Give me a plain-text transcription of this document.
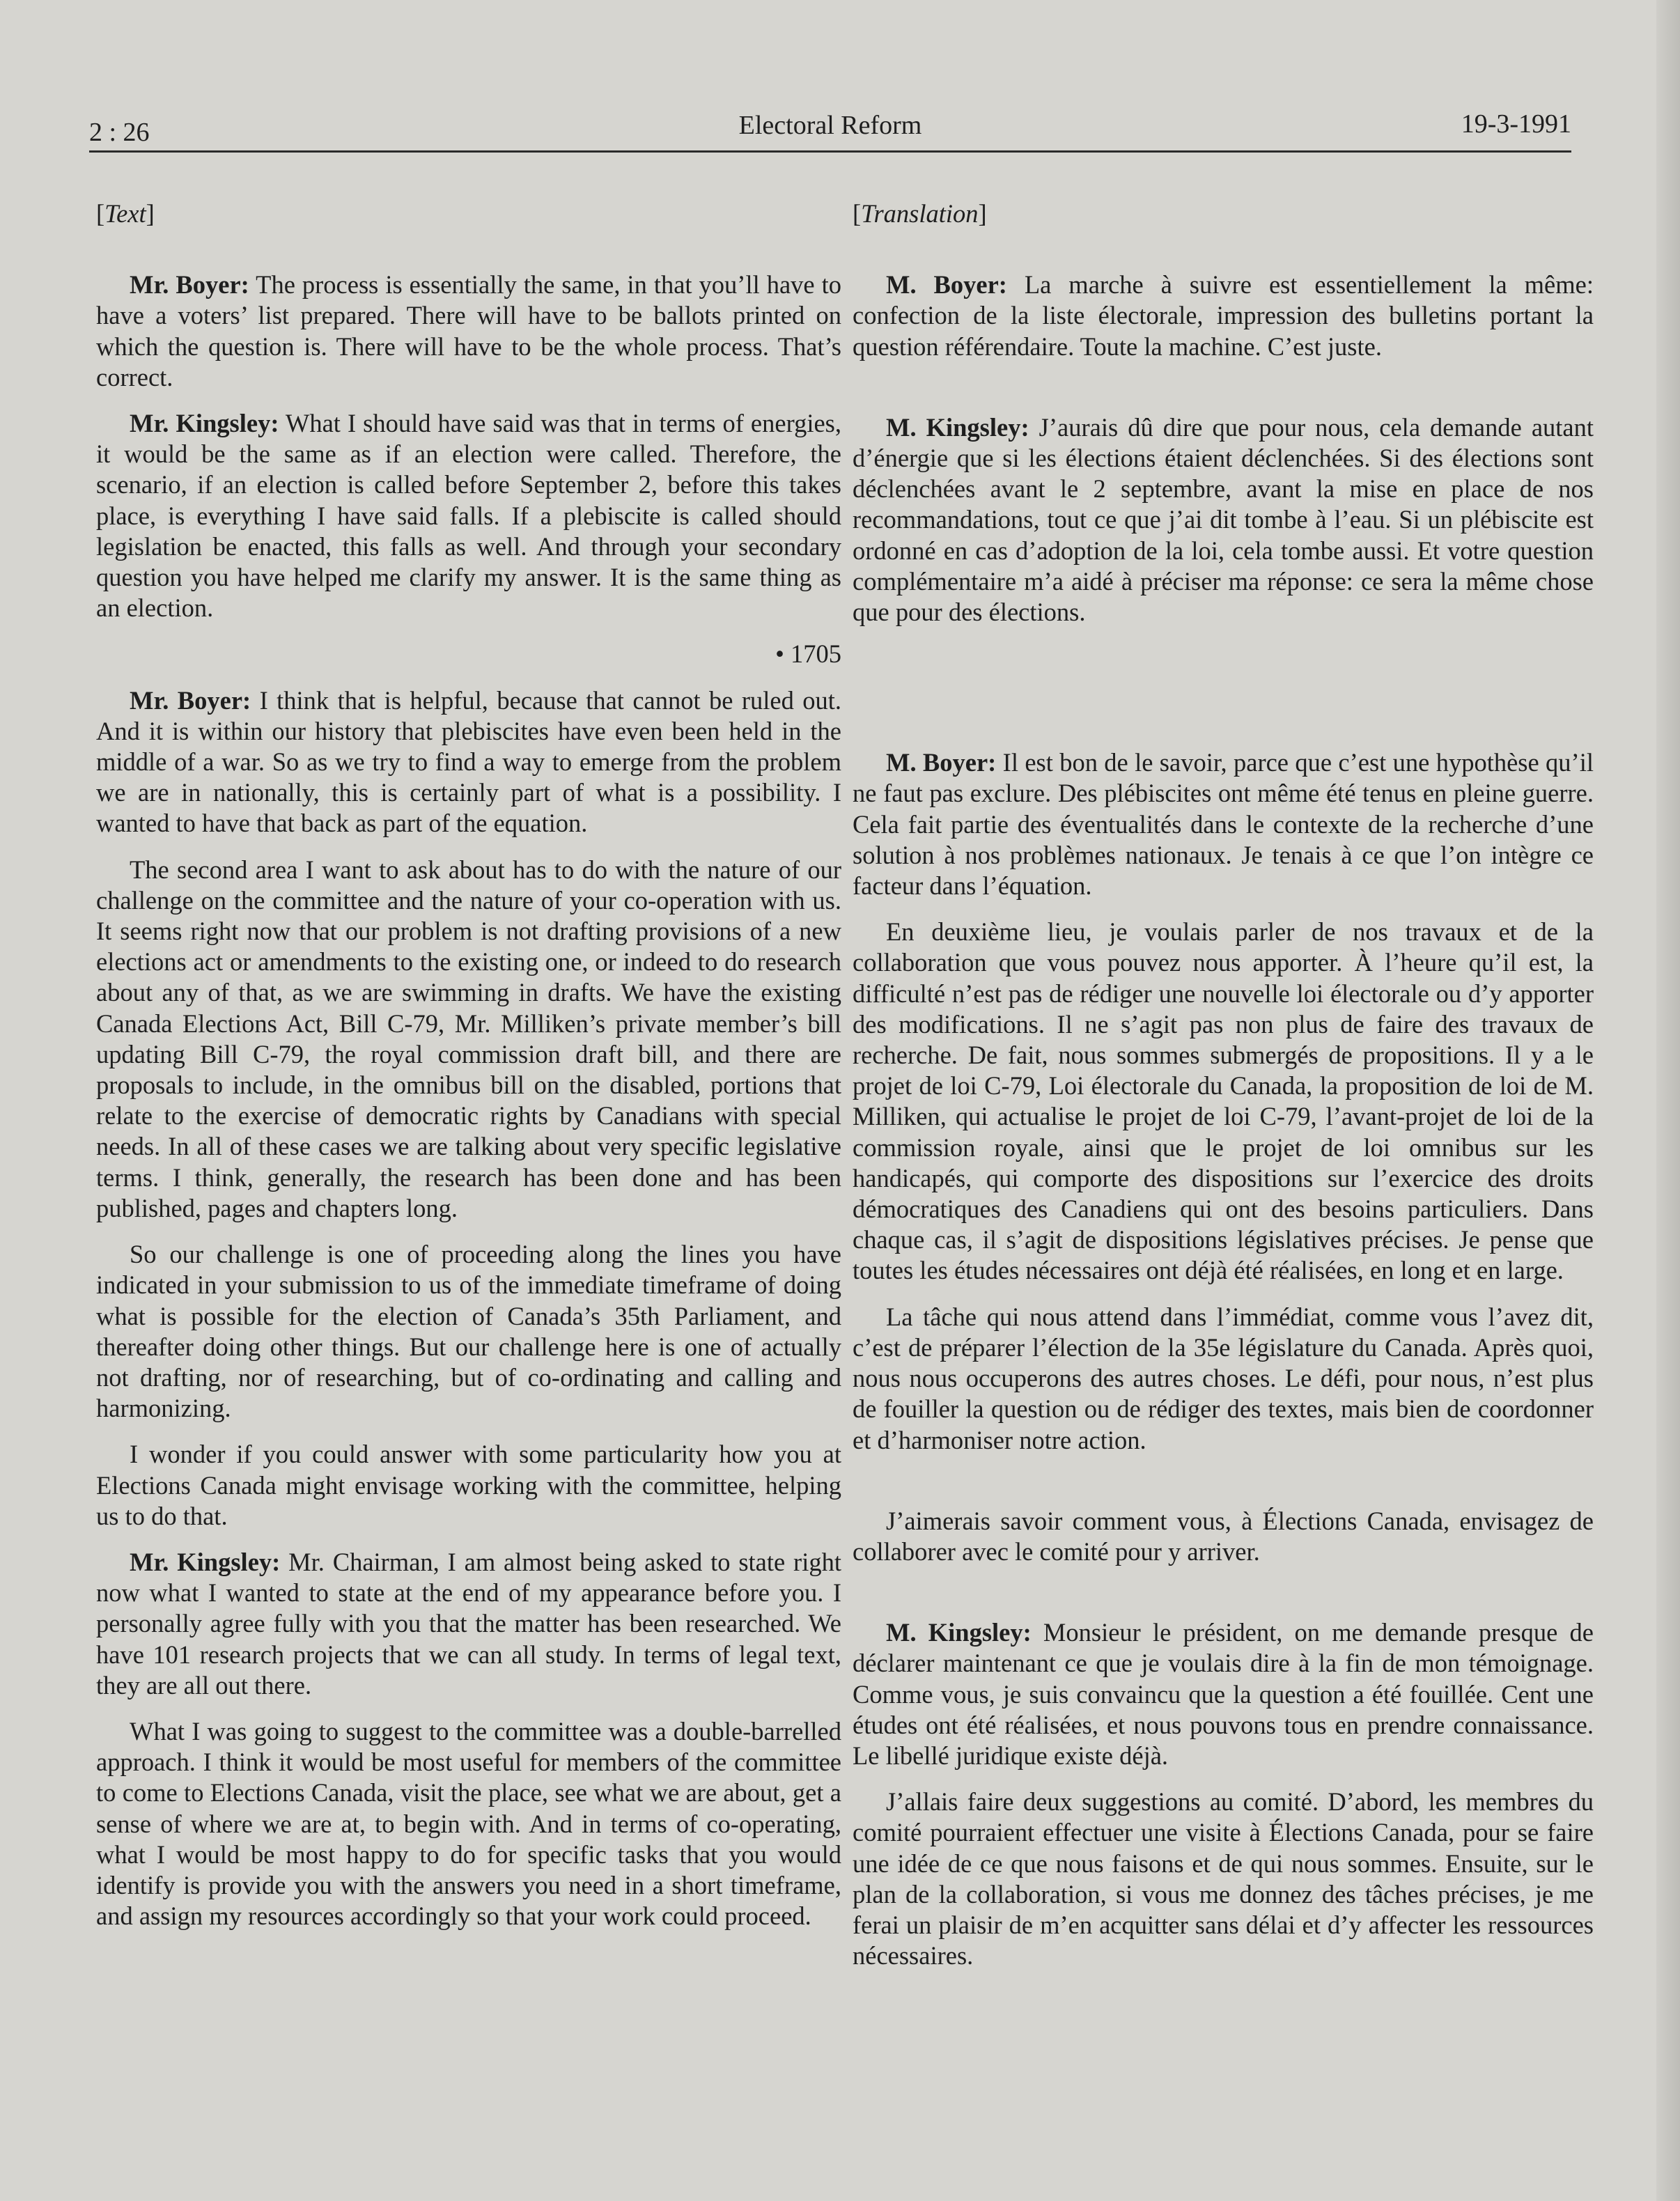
2 : 26	Electoral Reform	19-3-1991

[Text]

Mr. Boyer: The process is essentially the same, in that you’ll have to have a voters’ list prepared. There will have to be ballots printed on which the question is. There will have to be the whole process. That’s correct.

Mr. Kingsley: What I should have said was that in terms of energies, it would be the same as if an election were called. Therefore, the scenario, if an election is called before September 2, before this takes place, is everything I have said falls. If a plebiscite is called should legislation be enacted, this falls as well. And through your secondary question you have helped me clarify my answer. It is the same thing as an election.

• 1705

Mr. Boyer: I think that is helpful, because that cannot be ruled out. And it is within our history that plebiscites have even been held in the middle of a war. So as we try to find a way to emerge from the problem we are in nationally, this is certainly part of what is a possibility. I wanted to have that back as part of the equation.

The second area I want to ask about has to do with the nature of our challenge on the committee and the nature of your co-operation with us. It seems right now that our problem is not drafting provisions of a new elections act or amendments to the existing one, or indeed to do research about any of that, as we are swimming in drafts. We have the existing Canada Elections Act, Bill C-79, Mr. Milliken’s private member’s bill updating Bill C-79, the royal commission draft bill, and there are proposals to include, in the omnibus bill on the disabled, portions that relate to the exercise of democratic rights by Canadians with special needs. In all of these cases we are talking about very specific legislative terms. I think, generally, the research has been done and has been published, pages and chapters long.

So our challenge is one of proceeding along the lines you have indicated in your submission to us of the immediate timeframe of doing what is possible for the election of Canada’s 35th Parliament, and thereafter doing other things. But our challenge here is one of actually not drafting, nor of researching, but of co-ordinating and calling and harmonizing.

I wonder if you could answer with some particularity how you at Elections Canada might envisage working with the committee, helping us to do that.

Mr. Kingsley: Mr. Chairman, I am almost being asked to state right now what I wanted to state at the end of my appearance before you. I personally agree fully with you that the matter has been researched. We have 101 research projects that we can all study. In terms of legal text, they are all out there.

What I was going to suggest to the committee was a double-barrelled approach. I think it would be most useful for members of the committee to come to Elections Canada, visit the place, see what we are about, get a sense of where we are at, to begin with. And in terms of co-operating, what I would be most happy to do for specific tasks that you would identify is provide you with the answers you need in a short timeframe, and assign my resources accordingly so that your work could proceed.

[Translation]

M. Boyer: La marche à suivre est essentiellement la même: confection de la liste électorale, impression des bulletins portant la question référendaire. Toute la machine. C’est juste.

M. Kingsley: J’aurais dû dire que pour nous, cela demande autant d’énergie que si les élections étaient déclenchées. Si des élections sont déclenchées avant le 2 septembre, avant la mise en place de nos recommandations, tout ce que j’ai dit tombe à l’eau. Si un plébiscite est ordonné en cas d’adoption de la loi, cela tombe aussi. Et votre question complémentaire m’a aidé à préciser ma réponse: ce sera la même chose que pour des élections.

M. Boyer: Il est bon de le savoir, parce que c’est une hypothèse qu’il ne faut pas exclure. Des plébiscites ont même été tenus en pleine guerre. Cela fait partie des éventualités dans le contexte de la recherche d’une solution à nos problèmes nationaux. Je tenais à ce que l’on intègre ce facteur dans l’équation.

En deuxième lieu, je voulais parler de nos travaux et de la collaboration que vous pouvez nous apporter. À l’heure qu’il est, la difficulté n’est pas de rédiger une nouvelle loi électorale ou d’y apporter des modifications. Il ne s’agit pas non plus de faire des travaux de recherche. De fait, nous sommes submergés de propositions. Il y a le projet de loi C-79, Loi électorale du Canada, la proposition de loi de M. Milliken, qui actualise le projet de loi C-79, l’avant-projet de loi de la commission royale, ainsi que le projet de loi omnibus sur les handicapés, qui comporte des dispositions sur l’exercice des droits démocratiques des Canadiens qui ont des besoins particuliers. Dans chaque cas, il s’agit de dispositions législatives précises. Je pense que toutes les études nécessaires ont déjà été réalisées, en long et en large.

La tâche qui nous attend dans l’immédiat, comme vous l’avez dit, c’est de préparer l’élection de la 35e législature du Canada. Après quoi, nous nous occuperons des autres choses. Le défi, pour nous, n’est plus de fouiller la question ou de rédiger des textes, mais bien de coordonner et d’harmoniser notre action.

J’aimerais savoir comment vous, à Élections Canada, envisagez de collaborer avec le comité pour y arriver.

M. Kingsley: Monsieur le président, on me demande presque de déclarer maintenant ce que je voulais dire à la fin de mon témoignage. Comme vous, je suis convaincu que la question a été fouillée. Cent une études ont été réalisées, et nous pouvons tous en prendre connaissance. Le libellé juridique existe déjà.

J’allais faire deux suggestions au comité. D’abord, les membres du comité pourraient effectuer une visite à Élections Canada, pour se faire une idée de ce que nous faisons et de qui nous sommes. Ensuite, sur le plan de la collaboration, si vous me donnez des tâches précises, je me ferai un plaisir de m’en acquitter sans délai et d’y affecter les ressources nécessaires.
